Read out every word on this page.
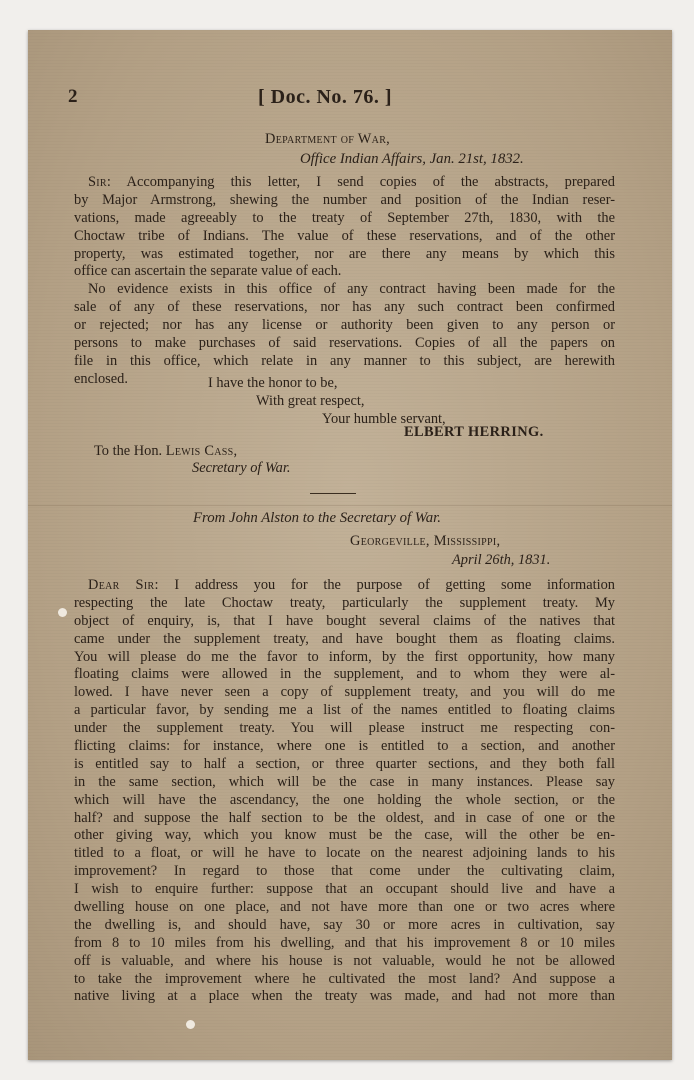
2	[ Doc. No. 76. ]
Department of War,
Office Indian Affairs, Jan. 21st, 1832.
Sir: Accompanying this letter, I send copies of the abstracts, prepared
by Major Armstrong, shewing the number and position of the Indian reser-
vations, made agreeably to the treaty of September 27th, 1830, with the
Choctaw tribe of Indians. The value of these reservations, and of the other
property, was estimated together, nor are there any means by which this
office can ascertain the separate value of each.
No evidence exists in this office of any contract having been made for the
sale of any of these reservations, nor has any such contract been confirmed
or rejected; nor has any license or authority been given to any person or
persons to make purchases of said reservations. Copies of all the papers on
file in this office, which relate in any manner to this subject, are herewith
enclosed.	I have the honor to be,
With great respect,
Your humble servant,
ELBERT HERRING.
To the Hon. Lewis Cass,
Secretary of War.
From John Alston to the Secretary of War.
Georgeville, Mississippi,
April 26th, 1831.
Dear Sir: I address you for the purpose of getting some information
respecting the late Choctaw treaty, particularly the supplement treaty. My
object of enquiry, is, that I have bought several claims of the natives that
came under the supplement treaty, and have bought them as floating claims.
You will please do me the favor to inform, by the first opportunity, how many
floating claims were allowed in the supplement, and to whom they were al-
lowed. I have never seen a copy of supplement treaty, and you will do me
a particular favor, by sending me a list of the names entitled to floating claims
under the supplement treaty. You will please instruct me respecting con-
flicting claims: for instance, where one is entitled to a section, and another
is entitled say to half a section, or three quarter sections, and they both fall
in the same section, which will be the case in many instances. Please say
which will have the ascendancy, the one holding the whole section, or the
half? and suppose the half section to be the oldest, and in case of one or the
other giving way, which you know must be the case, will the other be en-
titled to a float, or will he have to locate on the nearest adjoining lands to his
improvement? In regard to those that come under the cultivating claim,
I wish to enquire further: suppose that an occupant should live and have a
dwelling house on one place, and not have more than one or two acres where
the dwelling is, and should have, say 30 or more acres in cultivation, say
from 8 to 10 miles from his dwelling, and that his improvement 8 or 10 miles
off is valuable, and where his house is not valuable, would he not be allowed
to take the improvement where he cultivated the most land? And suppose a
native living at a place when the treaty was made, and had not more than
